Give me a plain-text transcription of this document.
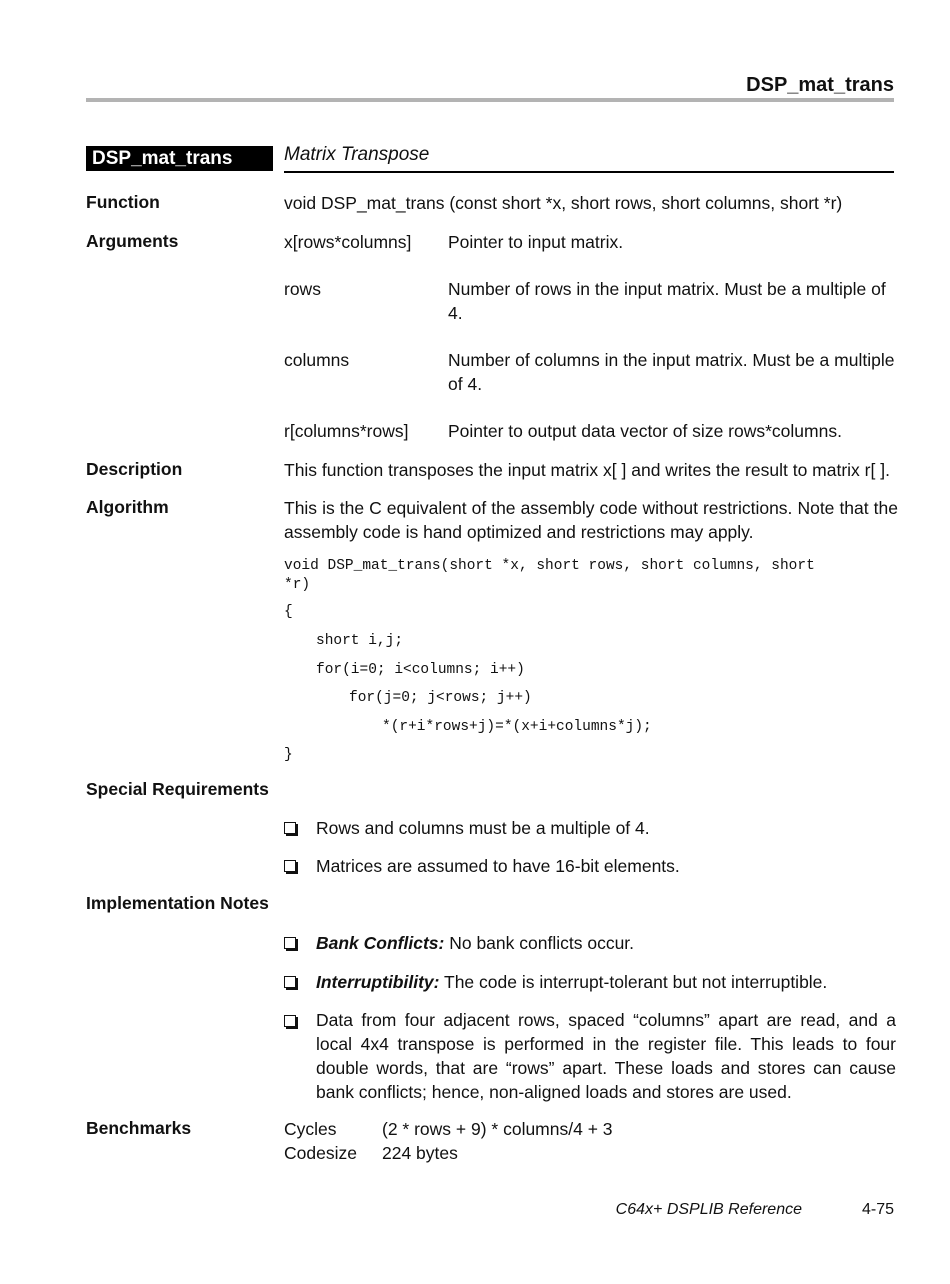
DSP_mat_trans
DSP_mat_trans	Matrix Transpose
Function	void DSP_mat_trans (const short *x, short rows, short columns, short *r)
Arguments	x[rows*columns] Pointer to input matrix.
rows	Number of rows in the input matrix. Must be a multiple of 4.
columns	Number of columns in the input matrix. Must be a multiple of 4.
r[columns*rows] Pointer to output data vector of size rows*columns.
Description	This function transposes the input matrix x[ ] and writes the result to matrix r[ ].
Algorithm	This is the C equivalent of the assembly code without restrictions. Note that the assembly code is hand optimized and restrictions may apply.
void DSP_mat_trans(short *x, short rows, short columns, short
*r)
{
short i,j;
for(i=0; i<columns; i++)
for(j=0; j<rows; j++)
*(r+i*rows+j)=*(x+i+columns*j);
}
Special Requirements
Rows and columns must be a multiple of 4.
Matrices are assumed to have 16-bit elements.
Implementation Notes
Bank Conflicts: No bank conflicts occur.
Interruptibility: The code is interrupt-tolerant but not interruptible.
Data from four adjacent rows, spaced “columns” apart are read, and a local 4x4 transpose is performed in the register file. This leads to four double words, that are “rows” apart. These loads and stores can cause bank conflicts; hence, non-aligned loads and stores are used.
Benchmarks	Cycles	(2 * rows + 9) * columns/4 + 3
Codesize 224 bytes
C64x+ DSPLIB Reference	4-75
